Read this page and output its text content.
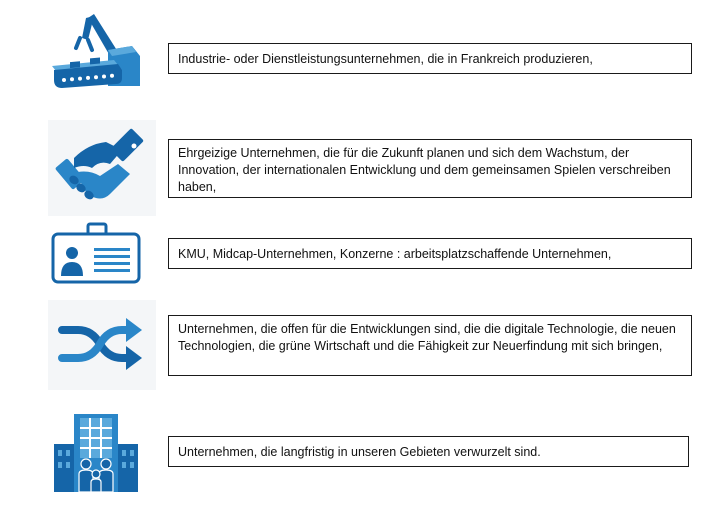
Industrie- oder Dienstleistungsunternehmen, die in Frankreich produzieren,
Ehrgeizige Unternehmen, die für die Zukunft planen und sich dem Wachstum, der Innovation, der internationalen Entwicklung und dem gemeinsamen Spielen verschreiben haben,
KMU, Midcap-Unternehmen, Konzerne : arbeitsplatzschaffende Unternehmen,
Unternehmen, die offen für die Entwicklungen sind, die die digitale Technologie, die neuen Technologien, die grüne Wirtschaft und die Fähigkeit zur Neuerfindung mit sich bringen,
Unternehmen, die langfristig in unseren Gebieten verwurzelt sind.
